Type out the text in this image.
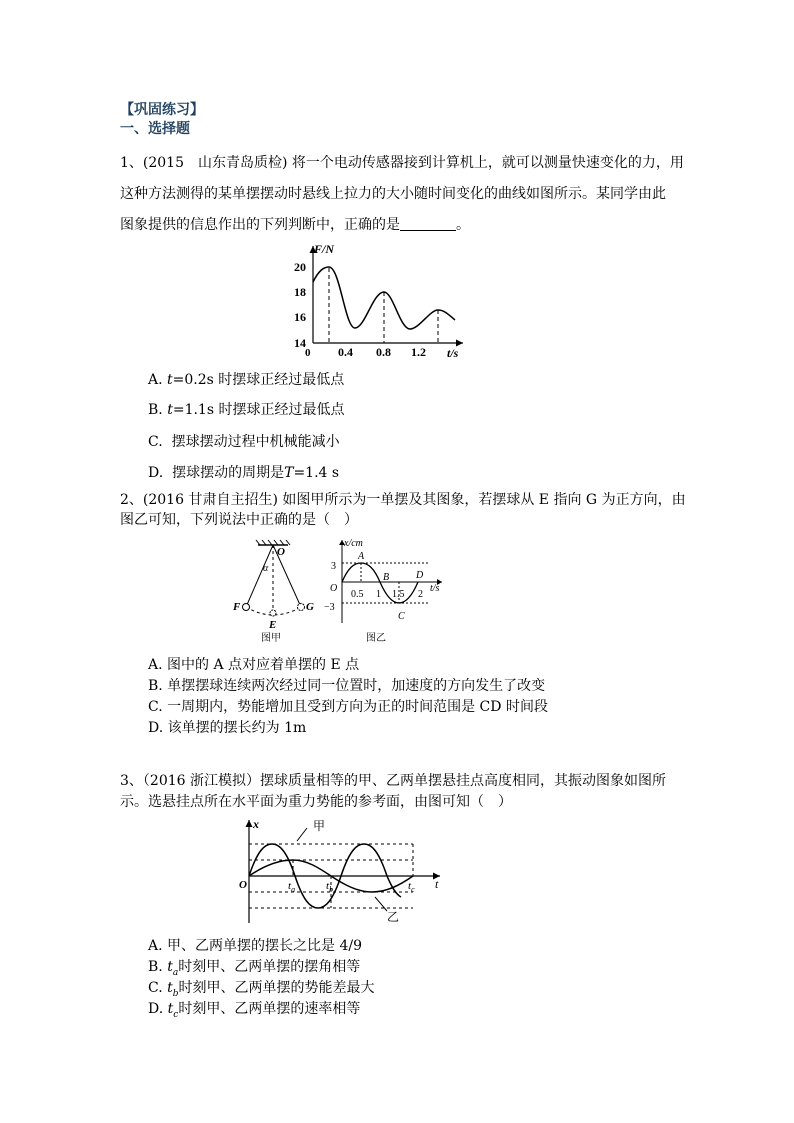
【巩固练习】
一、选择题
1、(2015　山东青岛质检) 将一个电动传感器接到计算机上，就可以测量快速变化的力，用
这种方法测得的某单摆摆动时悬线上拉力的大小随时间变化的曲线如图所示。某同学由此
图象提供的信息作出的下列判断中，正确的是	。
F/N
t/s
0
14
16
18
20
0.4 0.8 1.2
A. t=0.2s 时摆球正经过最低点
B. t=1.1s 时摆球正经过最低点
C. 摆球摆动过程中机械能减小
D. 摆球摆动的周期是T=1.4 s
2、(2016 甘肃自主招生) 如图甲所示为一单摆及其图象，若摆球从 E 指向 G 为正方向，由
图乙可知，下列说法中正确的是（　）
O
α
F	G
E
图甲
x/cm
t/s
O
3
−3
0.5 1 1.5 2
A
B
C
D
图乙
A. 图中的 A 点对应着单摆的 E 点
B. 单摆摆球连续两次经过同一位置时，加速度的方向发生了改变
C. 一周期内，势能增加且受到方向为正的时间范围是 CD 时间段
D. 该单摆的摆长约为 1m
3、（2016 浙江模拟）摆球质量相等的甲、乙两单摆悬挂点高度相同，其振动图象如图所
示。选悬挂点所在水平面为重力势能的参考面，由图可知（　）
x
t
O
甲
乙
$t_a$	$t_b$	$t_c$
A. 甲、乙两单摆的摆长之比是 4/9
B. $t_a$时刻甲、乙两单摆的摆角相等
C. $t_b$时刻甲、乙两单摆的势能差最大
D. $t_c$时刻甲、乙两单摆的速率相等
